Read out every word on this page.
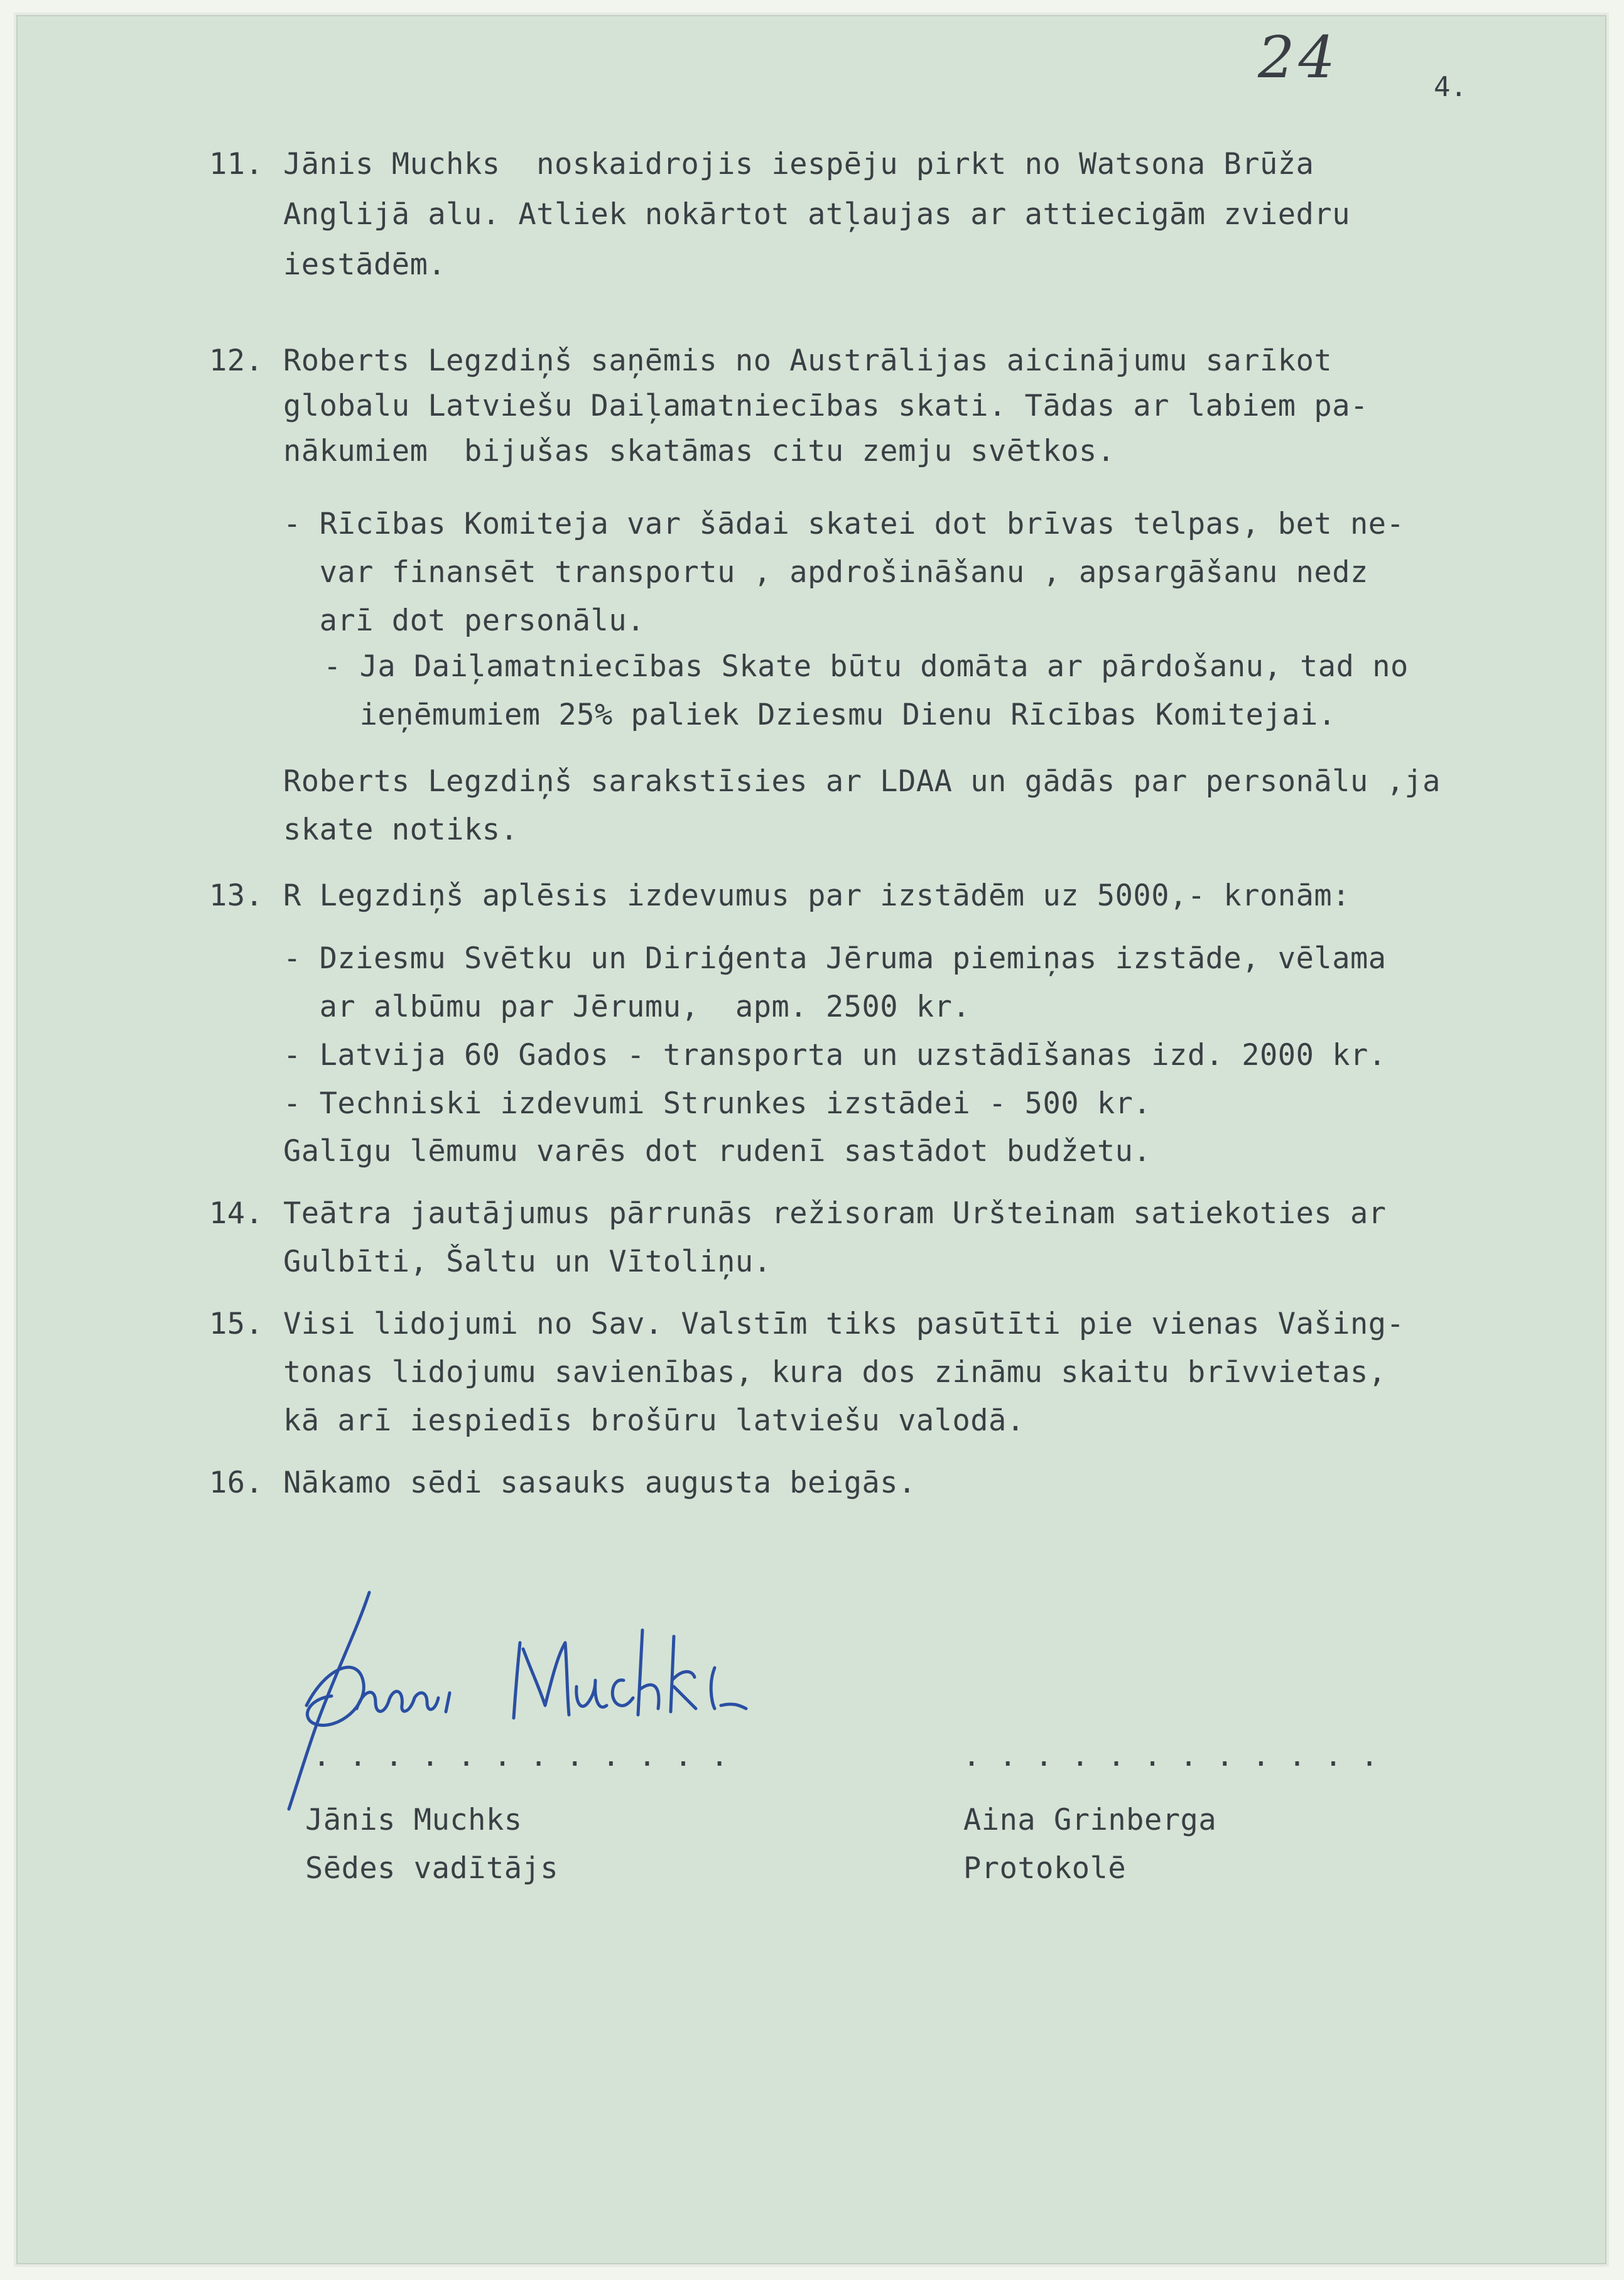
24	4.
11. Jānis Muchks  noskaidrojis iespēju pirkt no Watsona Brūža
Anglijā alu. Atliek nokārtot atļaujas ar attiecigām zviedru
iestādēm.
12. Roberts Legzdiņš saņēmis no Austrālijas aicinājumu sarīkot
globalu Latviešu Daiļamatniecības skati. Tādas ar labiem pa-
nākumiem  bijušas skatāmas citu zemju svētkos.
- Rīcības Komiteja var šādai skatei dot brīvas telpas, bet ne-
var finansēt transportu , apdrošināšanu , apsargāšanu nedz
arī dot personālu.
- Ja Daiļamatniecības Skate būtu domāta ar pārdošanu, tad no
ieņēmumiem 25% paliek Dziesmu Dienu Rīcības Komitejai.
Roberts Legzdiņš sarakstīsies ar LDAA un gādās par personālu ,ja
skate notiks.
13. R Legzdiņš aplēsis izdevumus par izstādēm uz 5000,- kronām:
- Dziesmu Svētku un Diriģenta Jēruma piemiņas izstāde, vēlama
ar albūmu par Jērumu,  apm. 2500 kr.
- Latvija 60 Gados - transporta un uzstādīšanas izd. 2000 kr.
- Techniski izdevumi Strunkes izstādei - 500 kr.
Galīgu lēmumu varēs dot rudenī sastādot budžetu.
14. Teātra jautājumus pārrunās režisoram Uršteinam satiekoties ar
Gulbīti, Šaltu un Vītoliņu.
15. Visi lidojumi no Sav. Valstīm tiks pasūtīti pie vienas Vašing-
tonas lidojumu savienības, kura dos zināmu skaitu brīvvietas,
kā arī iespiedīs brošūru latviešu valodā.
16. Nākamo sēdi sasauks augusta beigās.
. . . . . . . . . . . .	. . . . . . . . . . . .
Jānis Muchks
Sēdes vadītājs
Aina Grinberga
Protokolē
